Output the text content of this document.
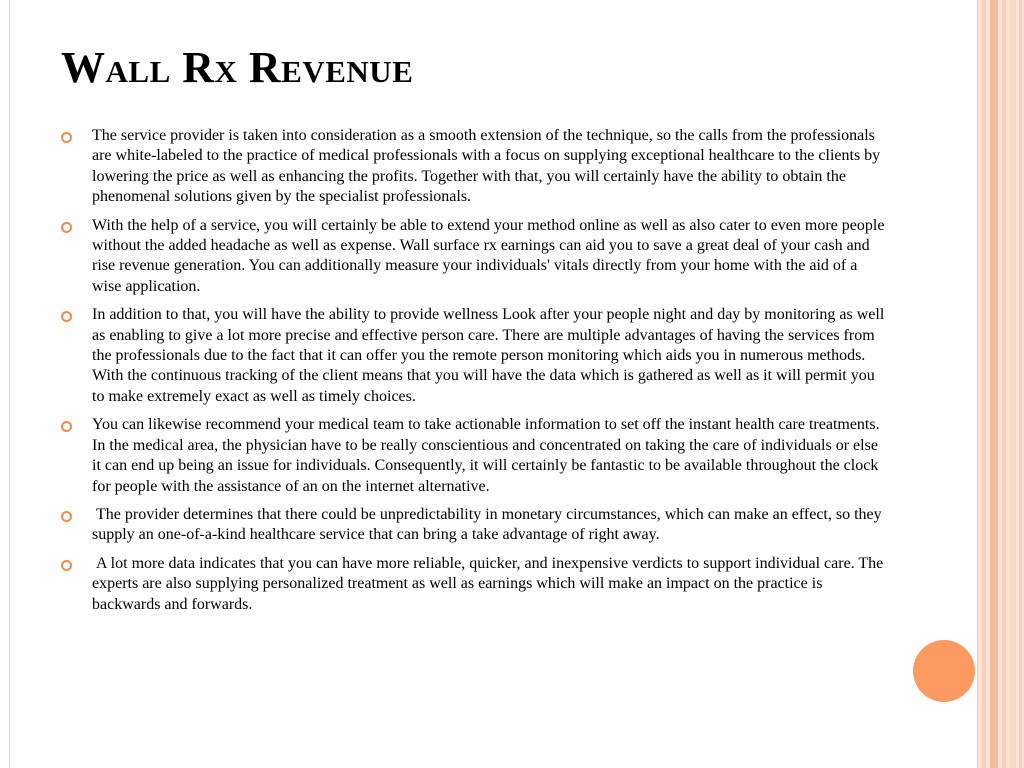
Wall Rx Revenue
The service provider is taken into consideration as a smooth extension of the technique, so the calls from the professionals are white-labeled to the practice of medical professionals with a focus on supplying exceptional healthcare to the clients by lowering the price as well as enhancing the profits. Together with that, you will certainly have the ability to obtain the phenomenal solutions given by the specialist professionals.
With the help of a service, you will certainly be able to extend your method online as well as also cater to even more people without the added headache as well as expense. Wall surface rx earnings can aid you to save a great deal of your cash and rise revenue generation. You can additionally measure your individuals' vitals directly from your home with the aid of a wise application.
In addition to that, you will have the ability to provide wellness Look after your people night and day by monitoring as well as enabling to give a lot more precise and effective person care. There are multiple advantages of having the services from the professionals due to the fact that it can offer you the remote person monitoring which aids you in numerous methods. With the continuous tracking of the client means that you will have the data which is gathered as well as it will permit you to make extremely exact as well as timely choices.
You can likewise recommend your medical team to take actionable information to set off the instant health care treatments. In the medical area, the physician have to be really conscientious and concentrated on taking the care of individuals or else it can end up being an issue for individuals. Consequently, it will certainly be fantastic to be available throughout the clock for people with the assistance of an on the internet alternative.
The provider determines that there could be unpredictability in monetary circumstances, which can make an effect, so they supply an one-of-a-kind healthcare service that can bring a take advantage of right away.
A lot more data indicates that you can have more reliable, quicker, and inexpensive verdicts to support individual care. The experts are also supplying personalized treatment as well as earnings which will make an impact on the practice is backwards and forwards.
